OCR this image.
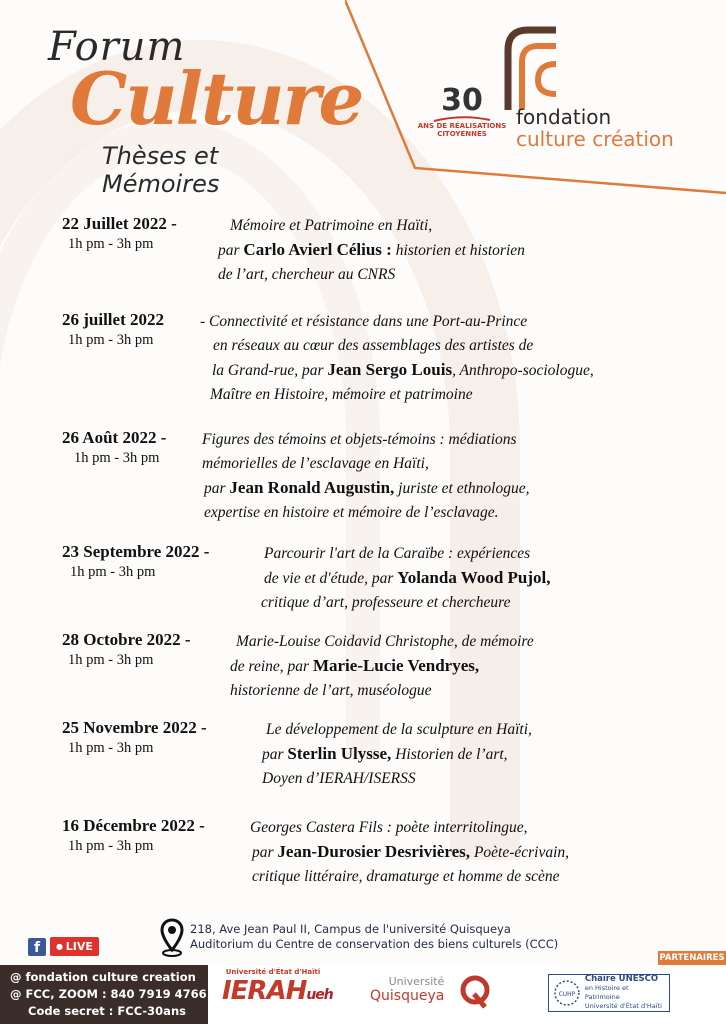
Forum
Culture
Thèses et Mémoires
30
ANS DE RÉALISATIONS
CITOYENNES
fondation
culture création
22 Juillet 2022 -
1h pm - 3h pm
Mémoire et Patrimoine en Haïti,
par Carlo Avierl Célius : historien et historien
de l’art, chercheur au CNRS
26 juillet 2022
1h pm - 3h pm
- Connectivité et résistance dans une Port-au-Prince
en réseaux au cœur des assemblages des artistes de
la Grand-rue, par Jean Sergo Louis, Anthropo-sociologue,
Maître en Histoire, mémoire et patrimoine
26 Août 2022 -
1h pm - 3h pm
Figures des témoins et objets-témoins : médiations
mémorielles de l’esclavage en Haïti,
par Jean Ronald Augustin, juriste et ethnologue,
expertise en histoire et mémoire de l’esclavage.
23 Septembre 2022 -
1h pm - 3h pm
Parcourir l'art de la Caraïbe : expériences
de vie et d'étude, par Yolanda Wood Pujol,
critique d’art, professeure et chercheure
28 Octobre 2022 -
1h pm - 3h pm
Marie-Louise Coidavid Christophe, de mémoire
de reine, par Marie-Lucie Vendryes,
historienne de l’art, muséologue
25 Novembre 2022 -
1h pm - 3h pm
Le développement de la sculpture en Haïti,
par Sterlin Ulysse, Historien de l’art,
Doyen d’IERAH/ISERSS
16 Décembre 2022 -
1h pm - 3h pm
Georges Castera Fils : poète interritolingue,
par Jean-Durosier Desrivières, Poète-écrivain,
critique littéraire, dramaturge et homme de scène
218, Ave Jean Paul II, Campus de l'université Quisqueya
Auditorium du Centre de conservation des biens culturels (CCC)
f
●	LIVE
PARTENAIRES
@ fondation culture creation
@ FCC, ZOOM : 840 7919 4766
Code secret : FCC-30ans
Université d'État d'Haïti
IERAHueh
Université
Quisqueya	CUHP
Chaire UNESCO
en Histoire et Patrimoine
Université d'État d'Haïti
